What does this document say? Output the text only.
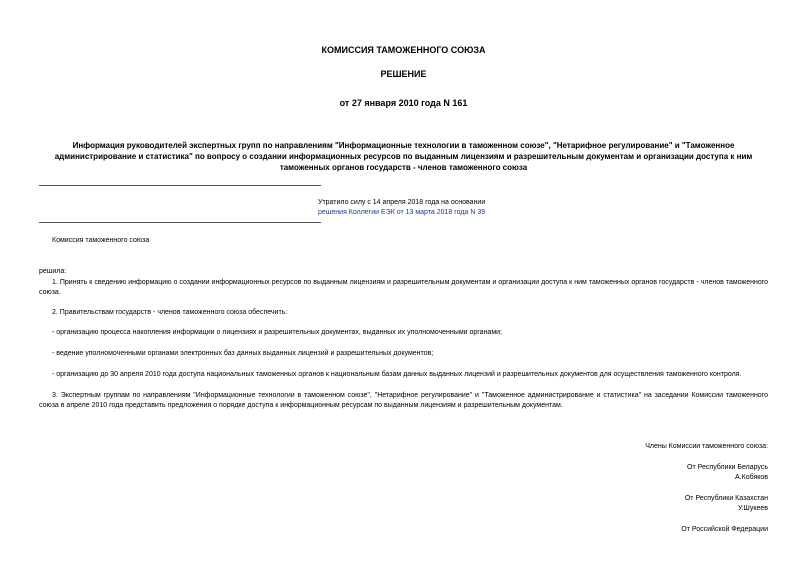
КОМИССИЯ ТАМОЖЕННОГО СОЮЗА
РЕШЕНИЕ
от 27 января 2010 года N 161
Информация руководителей экспертных групп по направлениям "Информационные технологии в таможенном союзе", "Нетарифное регулирование" и "Таможенное администрирование и статистика" по вопросу о создании информационных ресурсов по выданным лицензиям и разрешительным документам и организации доступа к ним таможенных органов государств - членов таможенного союза
Утратило силу с 14 апреля 2018 года на основании
решения Коллегии ЕЭК от 13 марта 2018 года N 39
Комиссия таможенного союза
решила:
1. Принять к сведению информацию о создании информационных ресурсов по выданным лицензиям и разрешительным документам и организации доступа к ним таможенных органов государств - членов таможенного союза.
2. Правительствам государств - членов таможенного союза обеспечить:
- организацию процесса накопления информации о лицензиях и разрешительных документах, выданных их уполномоченными органами;
- ведение уполномоченными органами электронных баз данных выданных лицензий и разрешительных документов;
- организацию до 30 апреля 2010 года доступа национальных таможенных органов к национальным базам данных выданных лицензий и разрешительных документов для осуществления таможенного контроля.
3. Экспертным группам по направлениям "Информационные технологии в таможенном союзе", "Нетарифное регулирование" и "Таможенное администрирование и статистика" на заседании Комиссии таможенного союза в апреле 2010 года представить предложения о порядке доступа к информационным ресурсам по выданным лицензиям и разрешительным документам.
Члены Комиссии таможенного союза:
От Республики Беларусь
А.Кобяков
От Республики Казахстан
У.Шукеев
От Российской Федерации
